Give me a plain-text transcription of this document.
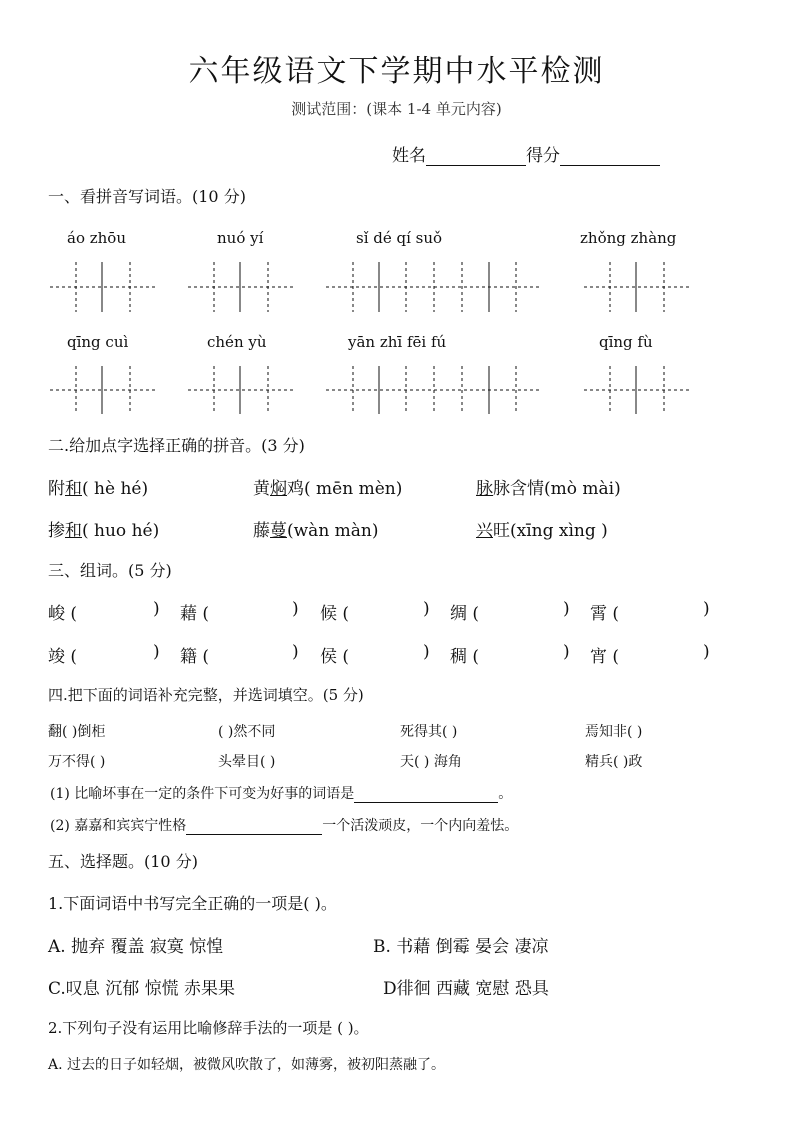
六年级语文下学期中水平检测
测试范围：(课本 1-4 单元内容)
姓名	得分
一、看拼音写词语。(10 分)
áo zhōu	nuó yí	sǐ dé qí suǒ	zhǒng zhàng
qīng cuì	chén yù	yān zhī fēi fú	qīng fù
二.给加点字选择正确的拼音。(3 分)
附和( hè hé)	黄焖鸡( mēn mèn)	脉脉含情(mò mài)
掺和( huo hé)	藤蔓(wàn màn)	兴旺(xīng xìng )
三、组词。(5 分)
峻 (	) 藉 (	) 候 (	) 绸 (	) 霄 (	)
竣 (	) 籍 (	) 侯 (	) 稠 (	) 宵 (	)
四.把下面的词语补充完整，并选词填空。(5 分)
翻( )倒柜	( )然不同	死得其( )	焉知非( )
万不得( )	头晕目( )	天( ) 海角	精兵( )政
(1) 比喻坏事在一定的条件下可变为好事的词语是	。
(2) 嘉嘉和宾宾宁性格	一个活泼顽皮，一个内向羞怯。
五、选择题。(10 分)
1.下面词语中书写完全正确的一项是( )。
A. 抛弃 覆盖 寂寞 惊惶	B. 书藉 倒霉 晏会 凄凉
C.叹息 沉郁 惊慌 赤果果	D徘徊 西藏 宽慰 恐具
2.下列句子没有运用比喻修辞手法的一项是 ( )。
A. 过去的日子如轻烟，被微风吹散了，如薄雾，被初阳蒸融了。
